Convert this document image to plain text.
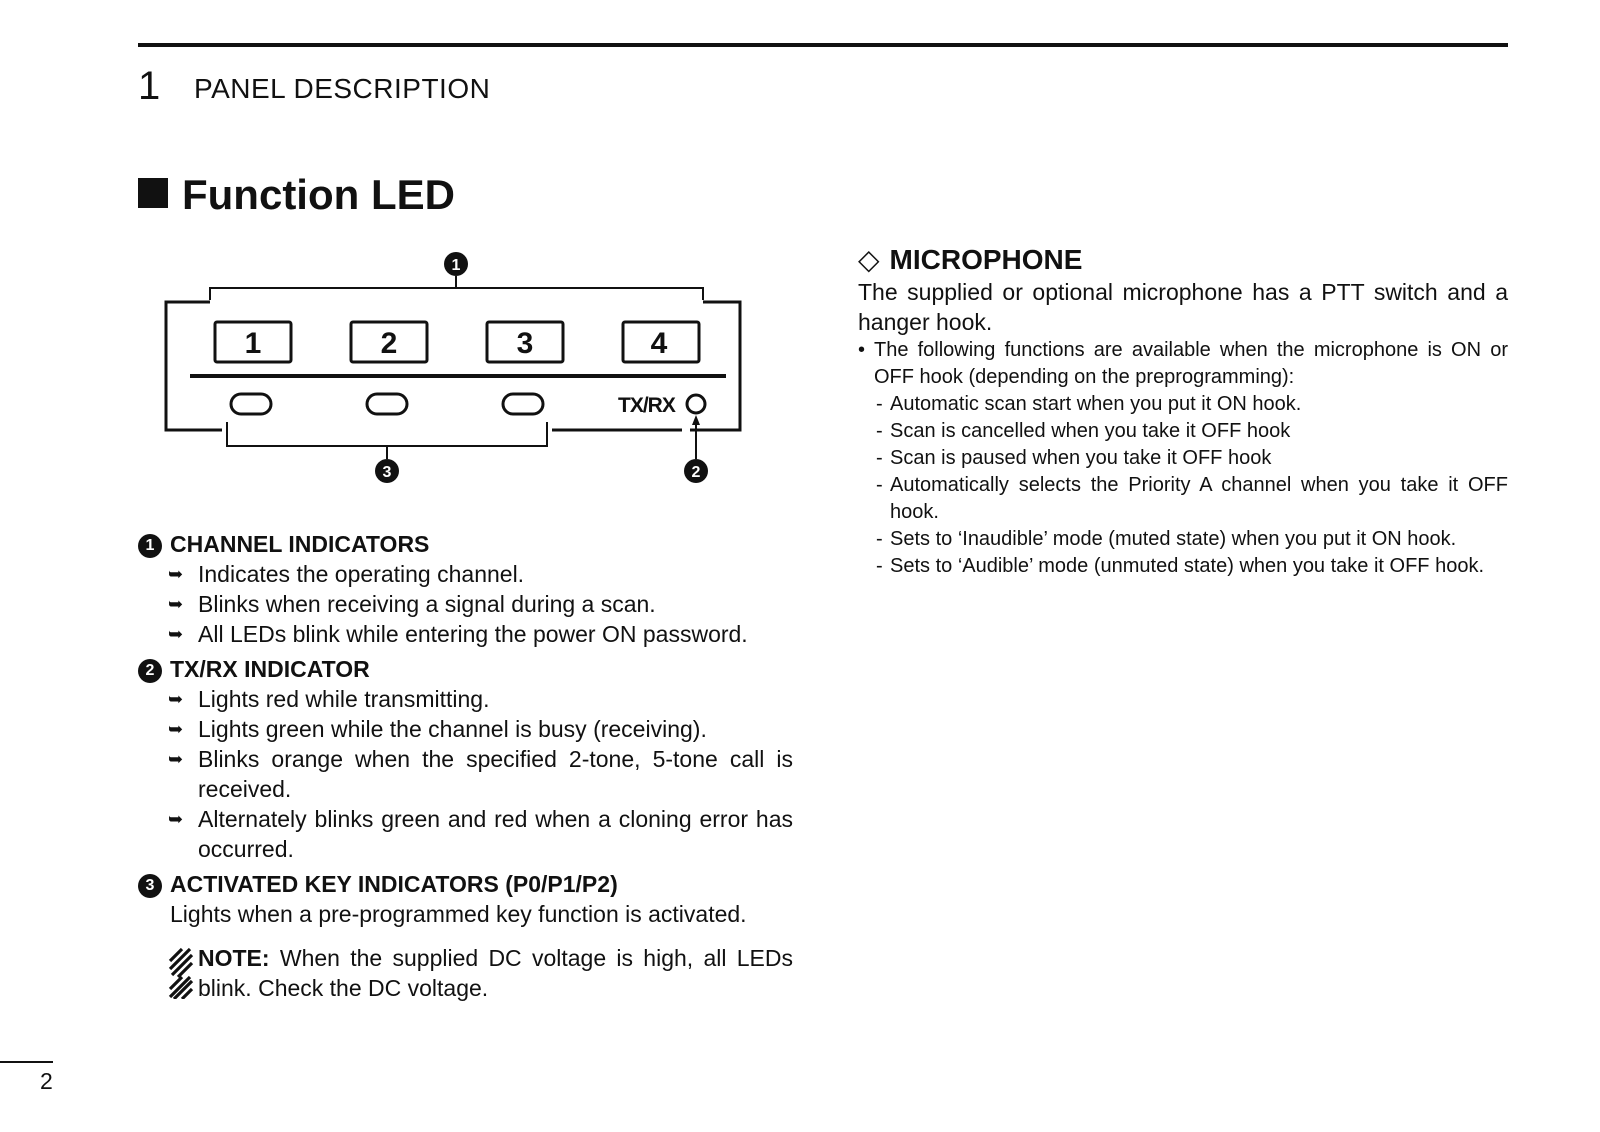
1 PANEL DESCRIPTION
Function LED
1
1	2	3	4
TX/RX
3	2
1 CHANNEL INDICATORS
➥ Indicates the operating channel.
➥ Blinks when receiving a signal during a scan.
➥ All LEDs blink while entering the power ON password.
2 TX/RX INDICATOR
➥ Lights red while transmitting.
➥ Lights green while the channel is busy (receiving).
➥ Blinks orange when the specified 2-tone, 5-tone call is received.
➥ Alternately blinks green and red when a cloning error has occurred.
3 ACTIVATED KEY INDICATORS (P0/P1/P2)
Lights when a pre-programmed key function is activated.
NOTE: When the supplied DC voltage is high, all LEDs blink. Check the DC voltage.
◇ MICROPHONE
The supplied or optional microphone has a PTT switch and a hanger hook.
• The following functions are available when the microphone is ON or OFF hook (depending on the preprogramming):
- Automatic scan start when you put it ON hook.
- Scan is cancelled when you take it OFF hook
- Scan is paused when you take it OFF hook
- Automatically selects the Priority A channel when you take it OFF hook.
- Sets to ‘Inaudible’ mode (muted state) when you put it ON hook.
- Sets to ‘Audible’ mode (unmuted state) when you take it OFF hook.
2
